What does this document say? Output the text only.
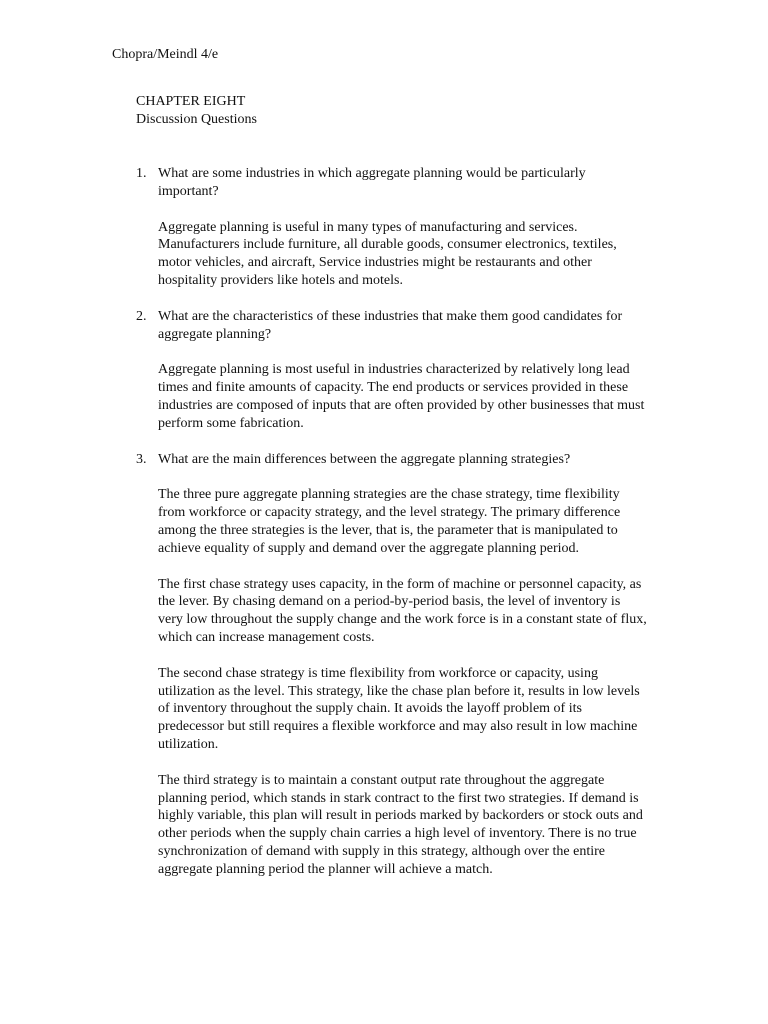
Chopra/Meindl 4/e
CHAPTER EIGHT
Discussion Questions
1. What are some industries in which aggregate planning would be particularly important?

Aggregate planning is useful in many types of manufacturing and services. Manufacturers include furniture, all durable goods, consumer electronics, textiles, motor vehicles, and aircraft, Service industries might be restaurants and other hospitality providers like hotels and motels.

2. What are the characteristics of these industries that make them good candidates for aggregate planning?

Aggregate planning is most useful in industries characterized by relatively long lead times and finite amounts of capacity. The end products or services provided in these industries are composed of inputs that are often provided by other businesses that must perform some fabrication.

3. What are the main differences between the aggregate planning strategies?

The three pure aggregate planning strategies are the chase strategy, time flexibility from workforce or capacity strategy, and the level strategy. The primary difference among the three strategies is the lever, that is, the parameter that is manipulated to achieve equality of supply and demand over the aggregate planning period.

The first chase strategy uses capacity, in the form of machine or personnel capacity, as the lever. By chasing demand on a period-by-period basis, the level of inventory is very low throughout the supply change and the work force is in a constant state of flux, which can increase management costs.

The second chase strategy is time flexibility from workforce or capacity, using utilization as the level. This strategy, like the chase plan before it, results in low levels of inventory throughout the supply chain. It avoids the layoff problem of its predecessor but still requires a flexible workforce and may also result in low machine utilization.

The third strategy is to maintain a constant output rate throughout the aggregate planning period, which stands in stark contract to the first two strategies. If demand is highly variable, this plan will result in periods marked by backorders or stock outs and other periods when the supply chain carries a high level of inventory. There is no true synchronization of demand with supply in this strategy, although over the entire aggregate planning period the planner will achieve a match.
